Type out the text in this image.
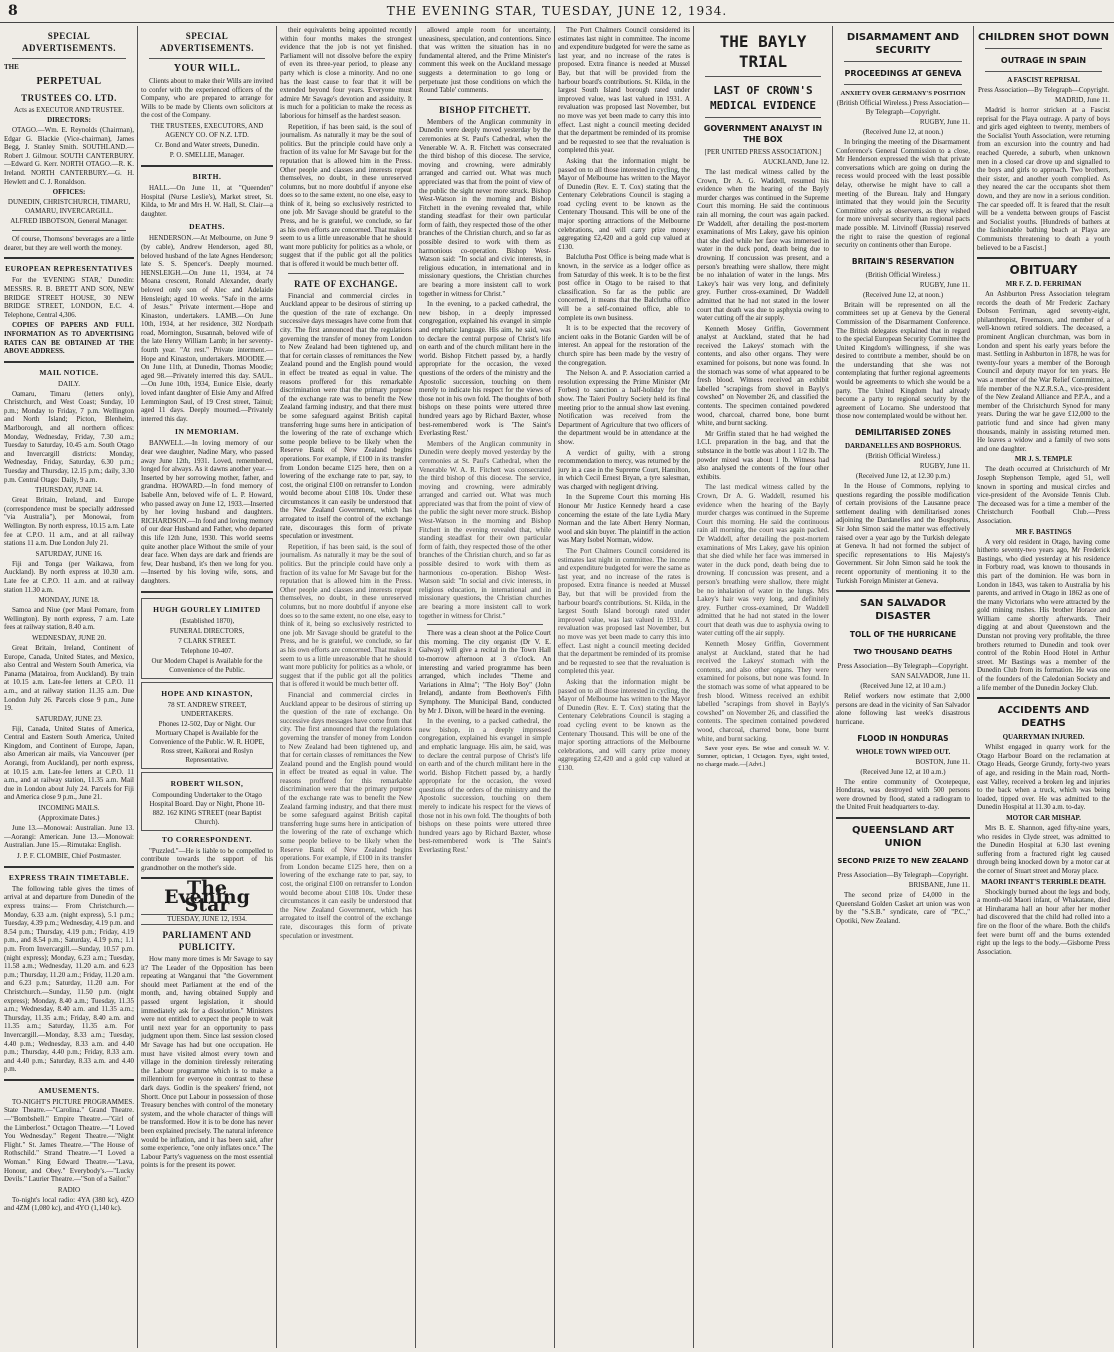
8	THE EVENING STAR, TUESDAY, JUNE 12, 1934.
SPECIAL ADVERTISEMENTS.
THE
PERPETUAL
TRUSTEES CO. LTD.
Acts as EXECUTOR AND TRUSTEE.
DIRECTORS:

OTAGO.—Wm. E. Reynolds (Chairman), Edgar G. Blackie (Vice-chairman), James Begg, J. Stanley Smith. SOUTHLAND.—Robert J. Gilmour. SOUTH CANTERBURY.—Edward G. Kerr. NORTH OTAGO.—R. K. Ireland. NORTH CANTERBURY.—G. H. Hewlett and C. J. Ronaldson.

OFFICES:
DUNEDIN, CHRISTCHURCH, TIMARU, OAMARU, INVERCARGILL.
ALFRED IBBOTSON, General Manager.

Of course, Thomsons' beverages are a little dearer, but they are well worth the money.

EUROPEAN REPRESENTATIVES

For the 'EVENING STAR,' Dunedin: MESSRS. R. B. BRETT AND SON, NEW BRIDGE STREET HOUSE, 30 NEW BRIDGE STREET, LONDON, E.C. 4. Telephone, Central 4,306.

COPIES OF PAPERS AND FULL INFORMATION AS TO ADVERTISING RATES CAN BE OBTAINED AT THE ABOVE ADDRESS.

MAIL NOTICE.
DAILY.

Oamaru, Timaru (letters only), Christchurch, and West Coast; Sunday, 10 p.m.; Monday to Friday, 7 p.m. Wellington and North Island; Picton, Blenheim, Marlborough, and all northern offices: Monday, Wednesday, Friday, 7.30 a.m.; Tuesday to Saturday, 10.45 a.m. South Otago and Invercargill districts: Monday, Wednesday, Friday, Saturday, 6.30 p.m.; Tuesday and Thursday, 12.15 p.m.; daily, 3.30 p.m. Central Otago: Daily, 9 a.m.

THURSDAY, JUNE 14.

Great Britain, Ireland, and Europe (correspondence must be specially addressed "via Australia"), per Monowai, from Wellington. By north express, 10.15 a.m. Late fee at C.P.O. 11 a.m., and at all railway stations 11 a.m. Due London July 21.

SATURDAY, JUNE 16.

Fiji and Tonga (per Waikawa, from Auckland). By north express at 10.30 a.m. Late fee at C.P.O. 11 a.m. and at railway station 11.30 a.m.

MONDAY, JUNE 18.

Samoa and Niue (per Maui Pomare, from Wellington). By north express, 7 a.m. Late fees at railway station, 8.40 a.m.

WEDNESDAY, JUNE 20.

Great Britain, Ireland, Continent of Europe, Canada, United States, and Mexico, also Central and Western South America, via Panama (Matairoa, from Auckland). By train at 10.15 a.m. Late-fee letters at C.P.O. 11 a.m., and at railway station 11.35 a.m. Due London July 26. Parcels close 9 p.m., June 19.

SATURDAY, JUNE 23.

Fiji, Canada, United States of America, Central and Eastern South America, United Kingdom, and Continent of Europe, Japan, also American air mails, via Vancouver (per Aorangi, from Auckland), per north express, at 10.15 a.m. Late-fee letters at C.P.O. 11 a.m., and at railway station, 11.35 a.m. Mail due in London about July 24. Parcels for Fiji and America close 9 p.m., June 21.

INCOMING MAILS.
(Approximate Dates.)

June 13.—Monowai: Australian. June 13.—Aorangi: American. June 13.—Monowai: Australian. June 15.—Rimutaka: English.

J. P. F. CLOMBIE, Chief Postmaster.
EXPRESS TRAIN TIMETABLE.

The following table gives the times of arrival at and departure from Dunedin of the express trains:— From Christchurch.—Monday, 6.33 a.m. (night express), 5.1 p.m.; Tuesday, 4.39 p.m.; Wednesday, 4.19 p.m. and 8.54 p.m.; Thursday, 4.19 p.m.; Friday, 4.19 p.m., and 8.54 p.m.; Saturday, 4.19 p.m.; 1.1 p.m. From Invercargill.—Sunday, 10.57 p.m. (night express); Monday, 6.23 a.m.; Tuesday, 11.58 a.m.; Wednesday, 11.20 a.m. and 6.23 p.m.; Thursday, 11.20 a.m.; Friday, 11.20 a.m. and 6.23 p.m.; Saturday, 11.20 a.m. For Christchurch.—Sunday, 11.50 p.m. (night express); Monday, 8.40 a.m.; Tuesday, 11.35 a.m.; Wednesday, 8.40 a.m. and 11.35 a.m.; Thursday, 11.35 a.m.; Friday, 8.40 a.m. and 11.35 a.m.; Saturday, 11.35 a.m. For Invercargill.—Monday, 8.33 a.m.; Tuesday, 4.40 p.m.; Wednesday, 8.33 a.m. and 4.40 p.m.; Thursday, 4.40 p.m.; Friday, 8.33 a.m. and 4.40 p.m.; Saturday, 8.33 a.m. and 4.40 p.m.

AMUSEMENTS.

TO-NIGHT'S PICTURE PROGRAMMES. State Theatre.—"Carolina." Grand Theatre.—"Bombshell." Empire Theatre.—"Girl of the Limberlost." Octagon Theatre.—"I Loved You Wednesday." Regent Theatre.—"Night Flight." St. James Theatre.—"The House of Rothschild." Strand Theatre.—"I Loved a Woman." King Edward Theatre.—"Lava, Honour, and Obey." Everybody's.—"Lucky Devils." Laurier Theatre.—"Son of a Sailor."

RADIO

To-night's local radio: 4YA (380 kc), 4ZO and 4ZM (1,080 kc), and 4YO (1,140 kc).

SPECIAL ADVERTISEMENTS.
YOUR WILL.

Clients about to make their Wills are invited to confer with the experienced officers of the Company, who are prepared to arrange for Wills to be made by Clients own solicitors at the cost of the Company.

THE TRUSTEES, EXECUTORS, AND AGENCY CO. OF N.Z. LTD.
Cr. Bond and Water streets, Dunedin.
P. O. SMELLIE, Manager.
BIRTH.

HALL.—On June 11, at "Queenden" Hospital (Nurse Leslie's), Market street, St. Kilda, to Mr and Mrs H. W. Hall, St. Clair—a daughter.

DEATHS.

HENDERSON.—At Melbourne, on June 9 (by cable), Andrew Henderson, aged 80, beloved husband of the late Agnes Henderson; late S. S. Spencer's. Deeply mourned. HENSLEIGH.—On June 11, 1934, at 74 Moana crescent, Ronald Alexander, dearly beloved only son of Alec and Adelaide Hensleigh; aged 10 weeks. "Safe in the arms of Jesus." Private interment.—Hope and Kinaston, undertakers. LAMB.—On June 10th, 1934, at her residence, 302 Nordpath road, Mornington, Susannah, beloved wife of the late Henry William Lamb; in her seventy-fourth year. "At rest." Private interment.—Hope and Kinaston, undertakers. MOODIE.—On June 11th, at Dunedin, Thomas Moodie; aged 98.—Privately interred this day. SAUL.—On June 10th, 1934, Eunice Elsie, dearly loved infant daughter of Elsie Amy and Alfred Lemmington Saul, of 19 Crest street, Tainui; aged 11 days. Deeply mourned.—Privately interred this day.

IN MEMORIAM.

BANWELL.—In loving memory of our dear wee daughter, Nadine Mary, who passed away June 12th, 1931. Loved, remembered, longed for always. As it dawns another year.—Inserted by her sorrowing mother, father, and grandma. HOWARD.—In fond memory of Isabelle Ann, beloved wife of L. P. Howard, who passed away on June 12, 1933.—Inserted by her loving husband and daughters. RICHARDSON.—In fond and loving memory of our dear Husband and Father, who departed this life 12th June, 1930. This world seems quite another place Without the smile of your dear face. When days are dark and friends are few, Dear husband, it's then we long for you. —Inserted by his loving wife, sons, and daughters.

HUGH GOURLEY LIMITED
(Established 1870),
FUNERAL DIRECTORS,
7 CLARK STREET.
Telephone 10-407.
Our Modern Chapel is Available for the Convenience of the Public.
HOPE AND KINASTON,
78 ST. ANDREW STREET, UNDERTAKERS.
Phones 12-502, Day or Night. Our Mortuary Chapel is Available for the Convenience of the Public. W. R. HOPE, Ross street, Kaikorai and Roslyn Representative.
ROBERT WILSON,
Compounding Undertaker to the Otago Hospital Board. Day or Night, Phone 10-882. 162 KING STREET (near Baptist Church).
TO CORRESPONDENT.

"Puzzled."—He is liable to be compelled to contribute towards the support of his grandmother on the mother's side.

The Evening Star
TUESDAY, JUNE 12, 1934.
PARLIAMENT AND PUBLICITY.

How many more times is Mr Savage to say it? The Leader of the Opposition has been repeating at Wanganui that "the Government should meet Parliament at the end of the month, and, having obtained Supply and passed urgent legislation, it should immediately ask for a dissolution." Ministers were not entitled to expect the people to wait until next year for an opportunity to pass judgment upon them. Since last session closed Mr Savage has had but one occupation. He must have visited almost every town and village in the dominion tirelessly reiterating the Labour programme which is to make a millennium for everyone in contrast to these dark days. Godlin is the speakers' friend, not Shortt. Once put Labour in possession of those Treasury benches with control of the monetary system, and the whole character of things will be transformed. How it is to be done has never been explained precisely. The natural inference would be inflation, and it has been said, after some experience, "one only inflates once." The Labour Party's vagueness on the most essential points is for the present its power.

their equivalents being appointed recently within four months makes the strongest evidence that the job is not yet finished. Parliament will not dissolve before the expiry of even its three-year period, to please any party which is close a minority. And no one has the least cause to fear that it will be extended beyond four years. Everyone must admire Mr Savage's devotion and assiduity. It is much for a politician to make the recess as laborious for himself as the hardest season.

Repetition, if has been said, is the soul of journalism. As naturally it may be the soul of politics. But the principle could have only a fraction of its value for Mr Savage but for the reputation that is allowed him in the Press. Other people and classes and interests repeat themselves, no doubt, in these unreserved columns, but no more doubtful if anyone else does so to the same extent, no one else, easy to think of it, being so exclusively restricted to one job. Mr Savage should be grateful to the Press, and he is grateful, we conclude, so far as his own efforts are concerned. That makes it seem to us a little unreasonable that he should want more publicity for politics as a whole, or suggest that if the public got all the politics that is offered it would be much better off.

RATE OF EXCHANGE.

Financial and commercial circles in Auckland appear to be desirous of stirring up the question of the rate of exchange. On successive days messages have come from that city. The first announced that the regulations governing the transfer of money from London to New Zealand had been tightened up, and that for certain classes of remittances the New Zealand pound and the English pound would in effect be treated as equal in value. The reasons proffered for this remarkable discrimination were that the primary purpose of the exchange rate was to benefit the New Zealand farming industry, and that there must be some safeguard against British capital transferring huge sums here in anticipation of the lowering of the rate of exchange which some people believe to be likely when the Reserve Bank of New Zealand begins operations. For example, if £100 in its transfer from London became £125 here, then on a lowering of the exchange rate to par, say, to cost, the original £100 on retransfer to London would become about £108 10s. Under these circumstances it can easily be understood that the New Zealand Government, which has arrogated to itself the control of the exchange rate, discourages this form of private speculation or investment.

Repetition, if has been said, is the soul of journalism. As naturally it may be the soul of politics. But the principle could have only a fraction of its value for Mr Savage but for the reputation that is allowed him in the Press. Other people and classes and interests repeat themselves, no doubt, in these unreserved columns, but no more doubtful if anyone else does so to the same extent, no one else, easy to think of it, being so exclusively restricted to one job. Mr Savage should be grateful to the Press, and he is grateful, we conclude, so far as his own efforts are concerned. That makes it seem to us a little unreasonable that he should want more publicity for politics as a whole, or suggest that if the public got all the politics that is offered it would be much better off.

Financial and commercial circles in Auckland appear to be desirous of stirring up the question of the rate of exchange. On successive days messages have come from that city. The first announced that the regulations governing the transfer of money from London to New Zealand had been tightened up, and that for certain classes of remittances the New Zealand pound and the English pound would in effect be treated as equal in value. The reasons proffered for this remarkable discrimination were that the primary purpose of the exchange rate was to benefit the New Zealand farming industry, and that there must be some safeguard against British capital transferring huge sums here in anticipation of the lowering of the rate of exchange which some people believe to be likely when the Reserve Bank of New Zealand begins operations. For example, if £100 in its transfer from London became £125 here, then on a lowering of the exchange rate to par, say, to cost, the original £100 on retransfer to London would become about £108 10s. Under these circumstances it can easily be understood that the New Zealand Government, which has arrogated to itself the control of the exchange rate, discourages this form of private speculation or investment.

allowed ample room for uncertainty, uneasiness, speculation, and contentions. Since that was written the situation has in no fundamental altered, and the Prime Minister's comment this week on the Auckland message suggests a determination to go long or perpetuate just those conditions on which the Round Table' comments.

BISHOP FITCHETT.

Members of the Anglican community in Dunedin were deeply moved yesterday by the ceremonies at St. Paul's Cathedral, when the Venerable W. A. R. Fitchett was consecrated the third bishop of this diocese. The service, moving and crowning, were admirably arranged and carried out. What was much appreciated was that from the point of view of the public the sight never more struck. Bishop West-Watson in the morning and Bishop Fitchett in the evening revealed that, while standing steadfast for their own particular form of faith, they respected those of the other branches of the Christian church, and so far as possible desired to work with them as harmonious co-operation. Bishop West-Watson said: "In social and civic interests, in religious education, in international and in missionary questions, the Christian churches are bearing a more insistent call to work together in witness for Christ."

In the evening, to a packed cathedral, the new bishop, in a deeply impressed congregation, explained his evangel in simple and emphatic language. His aim, he said, was to declare the central purpose of Christ's life on earth and of the church militant here in the world. Bishop Fitchett passed by, a hardly appropriate for the occasion, the vexed questions of the orders of the ministry and the Apostolic succession, touching on them merely to indicate his respect for the views of those not in his own fold. The thoughts of both bishops on these points were uttered three hundred years ago by Richard Baxter, whose best-remembered work is 'The Saint's Everlasting Rest.'

Members of the Anglican community in Dunedin were deeply moved yesterday by the ceremonies at St. Paul's Cathedral, when the Venerable W. A. R. Fitchett was consecrated the third bishop of this diocese. The service, moving and crowning, were admirably arranged and carried out. What was much appreciated was that from the point of view of the public the sight never more struck. Bishop West-Watson in the morning and Bishop Fitchett in the evening revealed that, while standing steadfast for their own particular form of faith, they respected those of the other branches of the Christian church, and so far as possible desired to work with them as harmonious co-operation. Bishop West-Watson said: "In social and civic interests, in religious education, in international and in missionary questions, the Christian churches are bearing a more insistent call to work together in witness for Christ."

There was a clean shoot at the Police Court this morning. The city organist (Dr V. E. Galway) will give a recital in the Town Hall to-morrow afternoon at 3 o'clock. An interesting and varied programme has been arranged, which includes "Theme and Variations in Alma"; "The Holy Boy" (John Ireland), andante from Beethoven's Fifth Symphony. The Municipal Band, conducted by Mr J. Dixon, will be heard in the evening.

In the evening, to a packed cathedral, the new bishop, in a deeply impressed congregation, explained his evangel in simple and emphatic language. His aim, he said, was to declare the central purpose of Christ's life on earth and of the church militant here in the world. Bishop Fitchett passed by, a hardly appropriate for the occasion, the vexed questions of the orders of the ministry and the Apostolic succession, touching on them merely to indicate his respect for the views of those not in his own fold. The thoughts of both bishops on these points were uttered three hundred years ago by Richard Baxter, whose best-remembered work is 'The Saint's Everlasting Rest.'

The Port Chalmers Council considered its estimates last night in committee. The income and expenditure budgeted for were the same as last year, and no increase of the rates is proposed. Extra finance is needed at Mussel Bay, but that will be provided from the harbour board's contributions. St. Kilda, in the largest South Island borough rated under improved value, was last valued in 1931. A revaluation was proposed last November, but no move was yet been made to carry this into effect. Last night a council meeting decided that the department be reminded of its promise and be requested to see that the revaluation is completed this year.

Asking that the information might be passed on to all those interested in cycling, the Mayor of Melbourne has written to the Mayor of Dunedin (Rev. E. T. Cox) stating that the Centenary Celebrations Council is staging a road cycling event to be known as the Centenary Thousand. This will be one of the major sporting attractions of the Melbourne celebrations, and will carry prize money aggregating £2,420 and a gold cup valued at £130.

Balclutha Post Office is being made what is known, in the service as a lodger office as from Saturday of this week. It is to be the first post office in Otago to be raised to that classification. So far as the public are concerned, it means that the Balclutha office will be a self-contained office, able to complete its own business.

It is to be expected that the recovery of ancient oaks in the Botanic Garden will be of interest. An appeal for the restoration of the church spire has been made by the vestry of the congregation.

The Nelson A. and P. Association carried a resolution expressing the Prime Minister (Mr Forbes) to sanction a half-holiday for the show. The Taieri Poultry Society held its final meeting prior to the annual show last evening. Notification was received from the Department of Agriculture that two officers of the department would be in attendance at the show.

A verdict of guilty, with a strong recommendation to mercy, was returned by the jury in a case in the Supreme Court, Hamilton, in which Cecil Ernest Bryan, a tyre salesman, was charged with negligent driving.

In the Supreme Court this morning His Honour Mr Justice Kennedy heard a case concerning the estate of the late Lydia Mary Norman and the late Albert Henry Norman, wool and skin buyer. The plaintiff in the action was Mary Isobel Norman, widow.

The Port Chalmers Council considered its estimates last night in committee. The income and expenditure budgeted for were the same as last year, and no increase of the rates is proposed. Extra finance is needed at Mussel Bay, but that will be provided from the harbour board's contributions. St. Kilda, in the largest South Island borough rated under improved value, was last valued in 1931. A revaluation was proposed last November, but no move was yet been made to carry this into effect. Last night a council meeting decided that the department be reminded of its promise and be requested to see that the revaluation is completed this year.

Asking that the information might be passed on to all those interested in cycling, the Mayor of Melbourne has written to the Mayor of Dunedin (Rev. E. T. Cox) stating that the Centenary Celebrations Council is staging a road cycling event to be known as the Centenary Thousand. This will be one of the major sporting attractions of the Melbourne celebrations, and will carry prize money aggregating £2,420 and a gold cup valued at £130.

THE BAYLY TRIAL
LAST OF CROWN'S MEDICAL EVIDENCE
GOVERNMENT ANALYST IN THE BOX
[PER UNITED PRESS ASSOCIATION.]
AUCKLAND, June 12.

The last medical witness called by the Crown, Dr A. G. Waddell, resumed his evidence when the hearing of the Bayly murder charges was continued in the Supreme Court this morning. He said the continuous rain all morning, the court was again packed. Dr Waddell, after detailing the post-mortem examinations of Mrs Lakey, gave his opinion that she died while her face was immersed in water in the duck pond, death being due to drowning. If concussion was present, and a person's breathing were shallow, there might be no inhalation of water in the lungs. Mrs Lakey's hair was very long, and definitely grey. Further cross-examined, Dr Waddell admitted that he had not stated in the lower court that death was due to asphyxia owing to water cutting off the air supply.

Kenneth Mosey Griffin, Government analyst at Auckland, stated that he had received the Lakeys' stomach with the contents, and also other organs. They were examined for poisons, but none was found. In the stomach was some of what appeared to be fresh blood. Witness received an exhibit labelled "scrapings from shovel in Bayly's cowshed" on November 26, and classified the contents. The specimen contained powdered wood, charcoal, charred bone, bone burnt white, and burnt sacking.

Mr Griffin stated that he had weighed the I.C.I. preparation in the bag, and that the substance in the bottle was about 1 1/2 lb. The powder mixed was about 1 lb. Witness had also analysed the contents of the four other exhibits.

The last medical witness called by the Crown, Dr A. G. Waddell, resumed his evidence when the hearing of the Bayly murder charges was continued in the Supreme Court this morning. He said the continuous rain all morning, the court was again packed. Dr Waddell, after detailing the post-mortem examinations of Mrs Lakey, gave his opinion that she died while her face was immersed in water in the duck pond, death being due to drowning. If concussion was present, and a person's breathing were shallow, there might be no inhalation of water in the lungs. Mrs Lakey's hair was very long, and definitely grey. Further cross-examined, Dr Waddell admitted that he had not stated in the lower court that death was due to asphyxia owing to water cutting off the air supply.

Kenneth Mosey Griffin, Government analyst at Auckland, stated that he had received the Lakeys' stomach with the contents, and also other organs. They were examined for poisons, but none was found. In the stomach was some of what appeared to be fresh blood. Witness received an exhibit labelled "scrapings from shovel in Bayly's cowshed" on November 26, and classified the contents. The specimen contained powdered wood, charcoal, charred bone, bone burnt white, and burnt sacking.

Save your eyes. Be wise and consult W. V. Sumner, optician, 1 Octagon. Eyes, sight tested, no charge made.—[Advt.]

DISARMAMENT AND SECURITY
PROCEEDINGS AT GENEVA
ANXIETY OVER GERMANY'S POSITION
(British Official Wireless.) Press Association—By Telegraph—Copyright.
RUGBY, June 11.
(Received June 12, at noon.)

In bringing the meeting of the Disarmament Conference's General Commission to a close, Mr Henderson expressed the wish that private conversations which are going on during the recess would proceed with the least possible delay, otherwise he might have to call a meeting of the Bureau. Italy and Hungary intimated that they would join the Security Committee only as observers, as they wished for more universal security than regional pacts made possible. M. Litvinoff (Russia) reserved the right to raise the question of regional security on continents other than Europe.

BRITAIN'S RESERVATION
(British Official Wireless.)
RUGBY, June 11.
(Received June 12, at noon.)

Britain will be represented on all the committees set up at Geneva by the General Commission of the Disarmament Conference. The British delegates explained that in regard to the special European Security Committee the United Kingdom's willingness, if she was desired to contribute a member, should be on the understanding that she was not contemplating that further regional agreements would be agreements to which she would be a party. The United Kingdom had already become a party to regional security by the agreement of Locarno. She understood that those now contemplated would be without her.

DEMILITARISED ZONES
DARDANELLES AND BOSPHORUS.
(British Official Wireless.)
RUGBY, June 11.
(Received June 12, at 12.30 p.m.)

In the House of Commons, replying to questions regarding the possible modification of certain provisions of the Lausanne peace settlement dealing with demilitarised zones adjoining the Dardanelles and the Bosphorus, Sir John Simon said the matter was effectively raised over a year ago by the Turkish delegate at Geneva. It had not formed the subject of specific representations to His Majesty's Government. Sir John Simon said he took the recent opportunity of mentioning it to the Turkish Foreign Minister at Geneva.

SAN SALVADOR DISASTER
TOLL OF THE HURRICANE
TWO THOUSAND DEATHS
Press Association—By Telegraph—Copyright.
SAN SALVADOR, June 11.
(Received June 12, at 10 a.m.)

Relief workers now estimate that 2,000 persons are dead in the vicinity of San Salvador alone following last week's disastrous hurricane.

FLOOD IN HONDURAS
WHOLE TOWN WIPED OUT.
BOSTON, June 11.
(Received June 12, at 10 a.m.)

The entire community of Ocotepeque, Honduras, was destroyed with 500 persons were drowned by flood, stated a radiogram to the United Fruit headquarters to-day.

QUEENSLAND ART UNION
SECOND PRIZE TO NEW ZEALAND
Press Association—By Telegraph—Copyright.
BRISBANE, June 11.

The second prize of £4,000 in the Queensland Golden Casket art union was won by the "S.S.B." syndicate, care of "P.C.," Opotiki, New Zealand.

CHILDREN SHOT DOWN
OUTRAGE IN SPAIN
A FASCIST REPRISAL
Press Association—By Telegraph—Copyright.
MADRID, June 11.

Madrid is horror stricken at a Fascist reprisal for the Playa outrage. A party of boys and girls aged eighteen to twenty, members of the Socialist Youth Association, were returning from an excursion into the country and had reached Querede, a suburb, when unknown men in a closed car drove up and signalled to the boys and girls to approach. Two brothers, their sister, and another youth complied. As they neared the car the occupants shot them down, and they are now in a serious condition. The car speeded off. It is feared that the result will be a vendetta between groups of Fascist and Socialist youths. [Hundreds of bathers at the fashionable bathing beach at Playa are Communists threatening to death a youth believed to be a Fascist.]

OBITUARY
MR F. Z. D. FERRIMAN

An Ashburton Press Association telegram records the death of Mr Frederic Zachary Dobson Ferriman, aged seventy-eight, philanthropist, Freemason, and member of a well-known retired soldiers. The deceased, a prominent Anglican churchman, was born in London and spent his early years before the mast. Settling in Ashburton in 1878, he was for twenty-four years a member of the Borough Council and deputy mayor for ten years. He was a member of the War Relief Committee, a life member of the N.Z.R.S.A., vice-president of the New Zealand Alliance and P.P.A., and a member of the Christchurch Synod for many years. During the war he gave £12,000 to the patriotic fund and since had given many thousands, mainly in assisting returned men. He leaves a widow and a family of two sons and one daughter.

MR J. S. TEMPLE

The death occurred at Christchurch of Mr Joseph Stephenson Temple, aged 51, well known in sporting and musical circles and vice-president of the Avonside Tennis Club. The deceased was for a time a member of the Christchurch Football Club.—Press Association.

MR F. BASTINGS

A very old resident in Otago, having come hitherto seventy-two years ago, Mr Frederick Bastings, who died yesterday at his residence in Forbury road, was known to thousands in this part of the dominion. He was born in London in 1843, was taken to Australia by his parents, and arrived in Otago in 1862 as one of the many Victorians who were attracted by the gold mining rushes. His brother Horace and William came shortly afterwards. Their digging at and about Queenstown and the Dunstan not proving very profitable, the three brothers returned to Dunedin and took over control of the Robin Hood Hotel in Arthur street. Mr Bastings was a member of the Dunedin Club from its formation. He was one of the founders of the Caledonian Society and a life member of the Dunedin Jockey Club.

ACCIDENTS AND DEATHS
QUARRYMAN INJURED.

Whilst engaged in quarry work for the Otago Harbour Board on the reclamation at Otago Heads, George Grundy, forty-two years of age, and residing in the Main road, North-east Valley, received a broken leg and injuries to the back when a truck, which was being loaded, tipped over. He was admitted to the Dunedin Hospital at 11.30 a.m. to-day.

MOTOR CAR MISHAP.

Mrs B. E. Shannon, aged fifty-nine years, who resides in Clyde street, was admitted to the Dunedin Hospital at 6.30 last evening suffering from a fractured right leg caused through being knocked down by a motor car at the corner of Stuart street and Moray place.

MAORI INFANT'S TERRIBLE DEATH.

Shockingly burned about the legs and body, a month-old Maori infant, of Whakatane, died at Hiruharama hall an hour after her mother had discovered that the child had rolled into a fire on the floor of the whare. Both the child's feet were burnt off and the burns extended right up the legs to the body.—Gisborne Press Association.
